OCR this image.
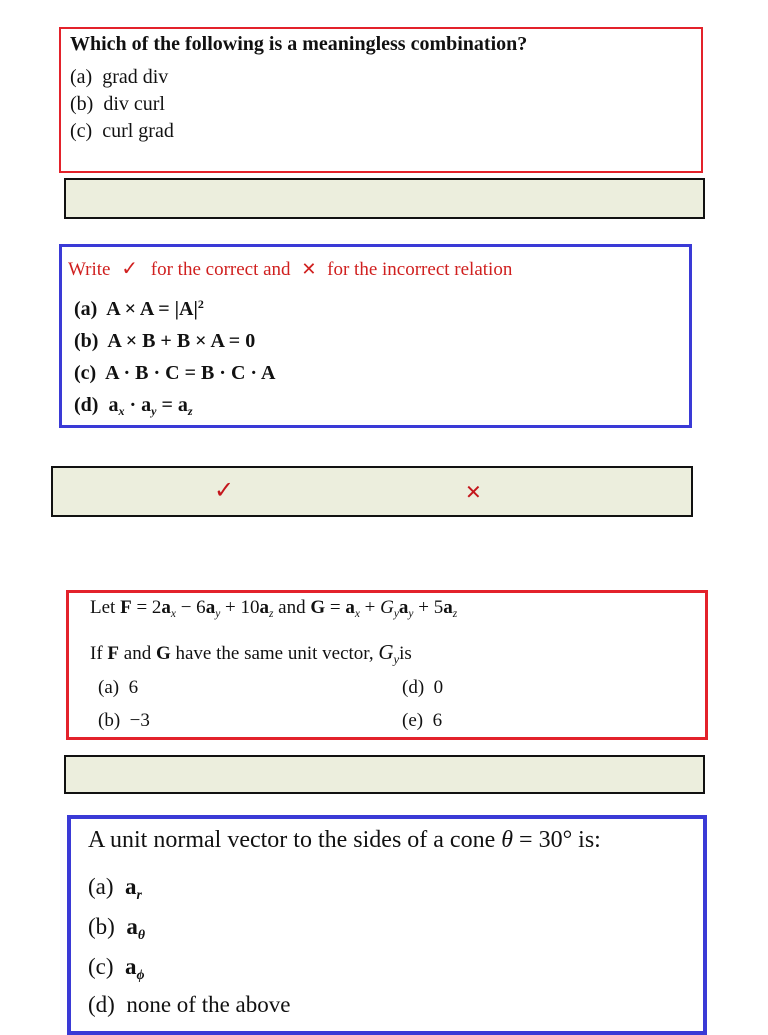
Which of the following is a meaningless combination?
(a) grad div
(b) div curl
(c) curl grad
Write ✓ for the correct and ✕ for the incorrect relation
(a)  $A \times A = |A|^2$
(b)  A × B + B × A = 0
(c)  A · B · C = B · C · A
(d)  $a_x \cdot a_y = a_z$
✓	✕
Let $F = 2a_x - 6a_y + 10a_z$ and $G = a_x + G_ya_y + 5a_z$
If F and G have the same unit vector, $G_yis$
(a) 6
(b) −3
(d) 0
(e) 6
A unit normal vector to the sides of a cone θ = 30° is:
(a) $a_r$
(b) $a_\theta$
(c) $a_\phi$
(d) none of the above
